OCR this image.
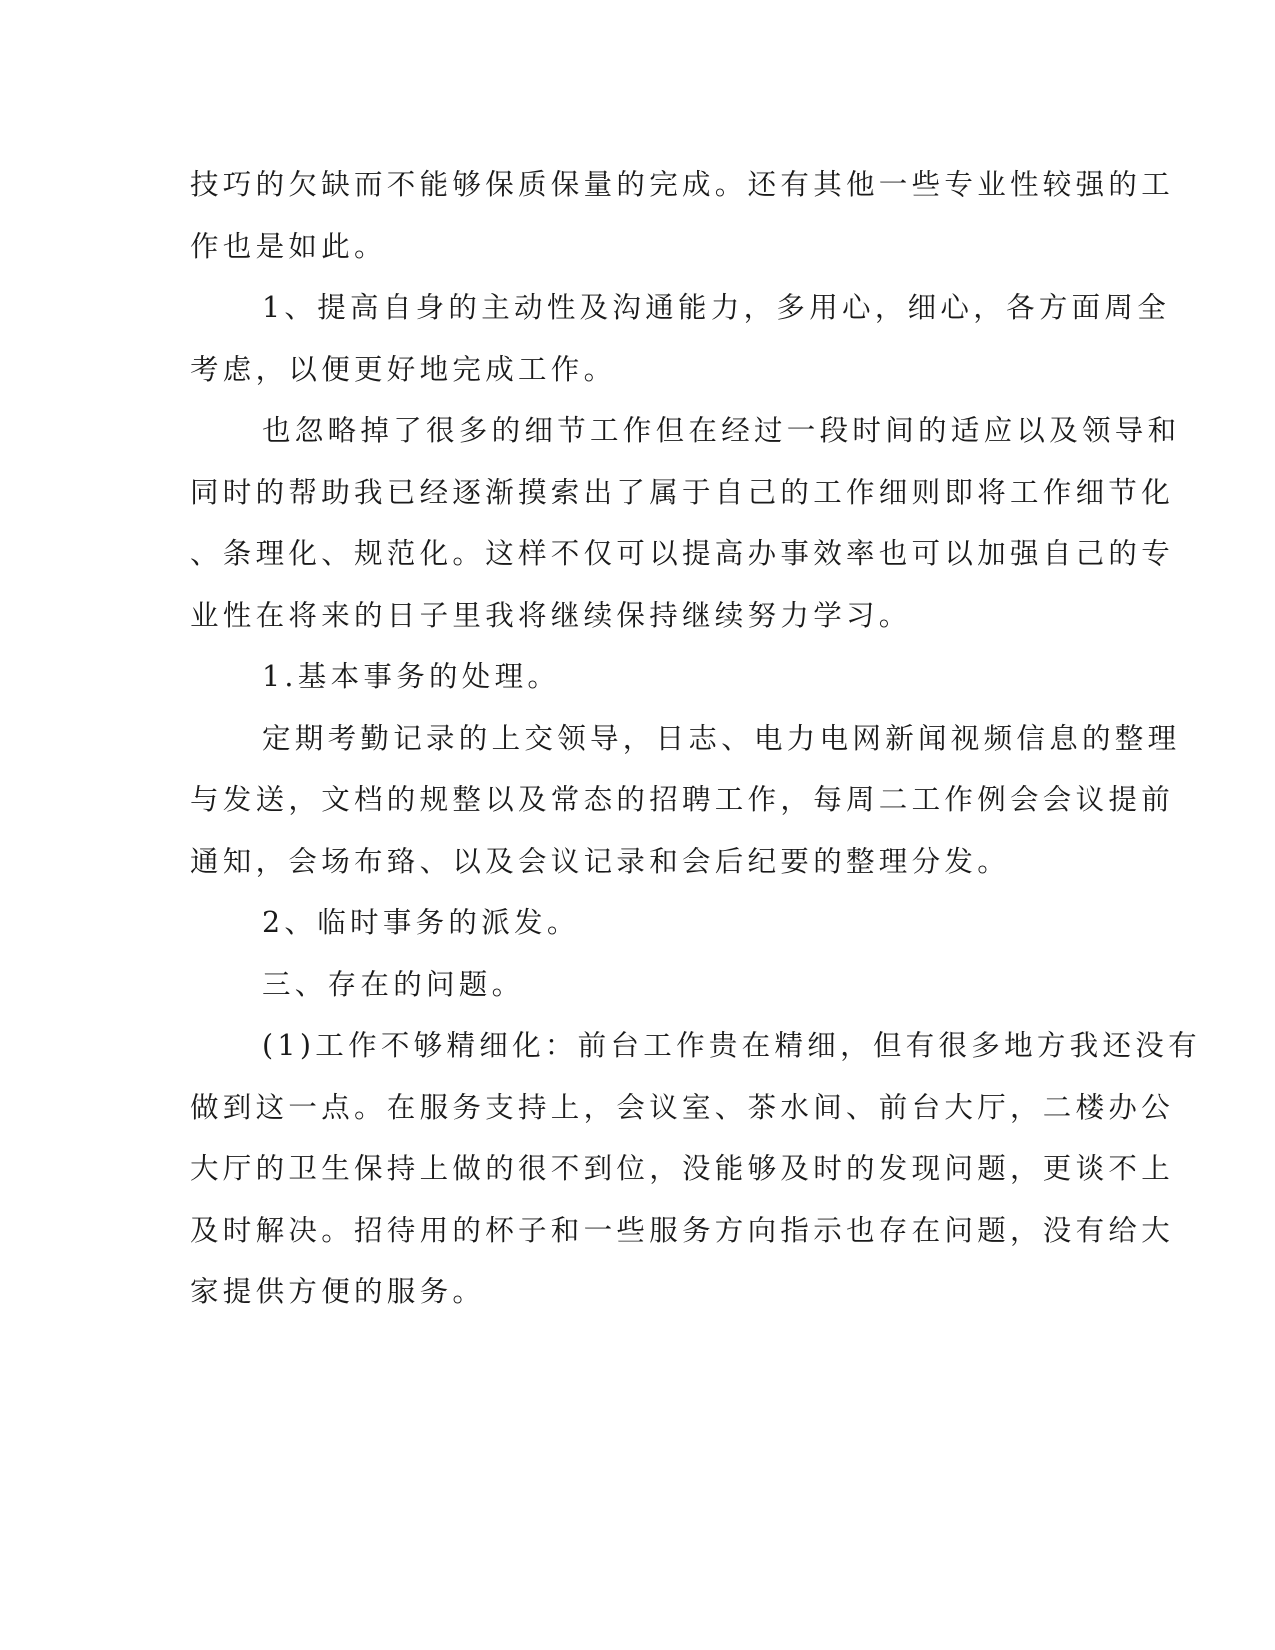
技巧的欠缺而不能够保质保量的完成。还有其他一些专业性较强的工
作也是如此。
1、提高自身的主动性及沟通能力，多用心，细心，各方面周全
考虑，以便更好地完成工作。
也忽略掉了很多的细节工作但在经过一段时间的适应以及领导和
同时的帮助我已经逐渐摸索出了属于自己的工作细则即将工作细节化
、条理化、规范化。这样不仅可以提高办事效率也可以加强自己的专
业性在将来的日子里我将继续保持继续努力学习。
1.基本事务的处理。
定期考勤记录的上交领导，日志、电力电网新闻视频信息的整理
与发送，文档的规整以及常态的招聘工作，每周二工作例会会议提前
通知，会场布臵、以及会议记录和会后纪要的整理分发。
2、临时事务的派发。
三、存在的问题。
(1)工作不够精细化：前台工作贵在精细，但有很多地方我还没有
做到这一点。在服务支持上，会议室、茶水间、前台大厅，二楼办公
大厅的卫生保持上做的很不到位，没能够及时的发现问题，更谈不上
及时解决。招待用的杯子和一些服务方向指示也存在问题，没有给大
家提供方便的服务。
